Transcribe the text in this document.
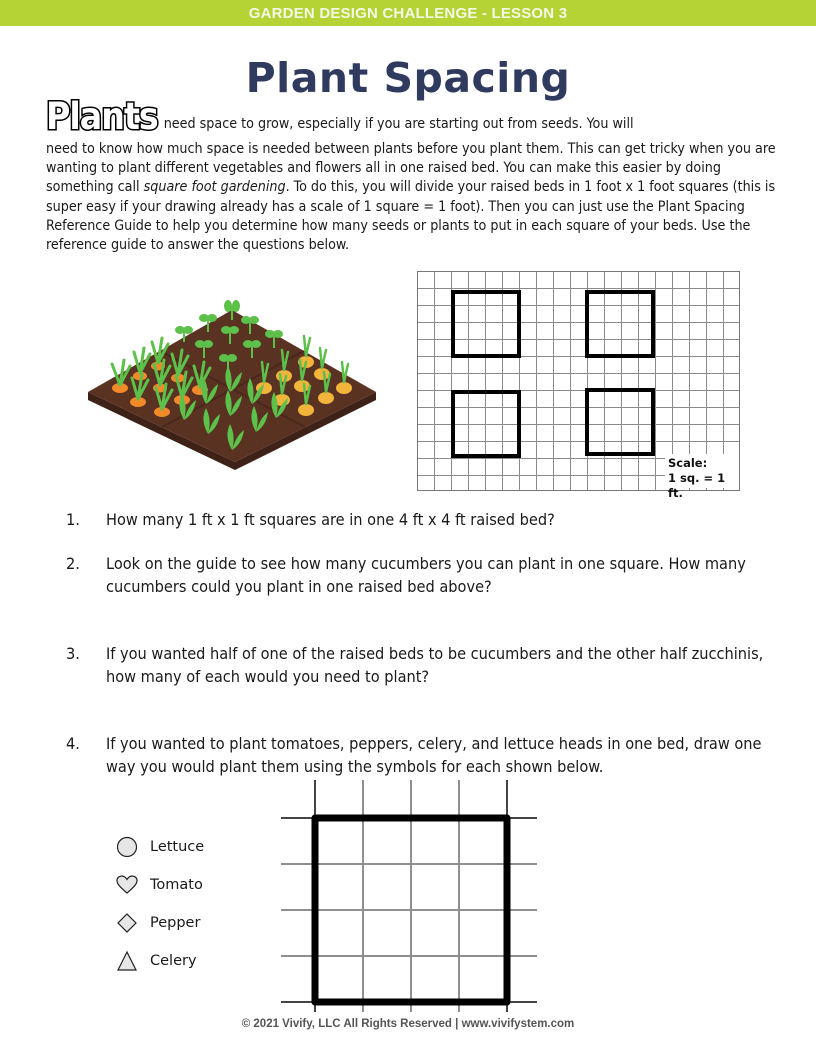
GARDEN DESIGN CHALLENGE - LESSON 3
Plant Spacing
Plants need space to grow, especially if you are starting out from seeds. You will

need to know how much space is needed between plants before you plant them. This can get tricky when you are wanting to plant different vegetables and flowers all in one raised bed. You can make this easier by doing something call square foot gardening. To do this, you will divide your raised beds in 1 foot x 1 foot squares (this is super easy if your drawing already has a scale of 1 square = 1 foot). Then you can just use the Plant Spacing Reference Guide to help you determine how many seeds or plants to put in each square of your beds. Use the reference guide to answer the questions below.

Scale:
1 sq. = 1 ft.
1.	How many 1 ft x 1 ft squares are in one 4 ft x 4 ft raised bed?
2.	Look on the guide to see how many cucumbers you can plant in one square. How many cucumbers could you plant in one raised bed above?
3.	If you wanted half of one of the raised beds to be cucumbers and the other half zucchinis, how many of each would you need to plant?
4.	If you wanted to plant tomatoes, peppers, celery, and lettuce heads in one bed, draw one way you would plant them using the symbols for each shown below.
Lettuce
Tomato
Pepper
Celery
© 2021 Vivify, LLC All Rights Reserved | www.vivifystem.com
